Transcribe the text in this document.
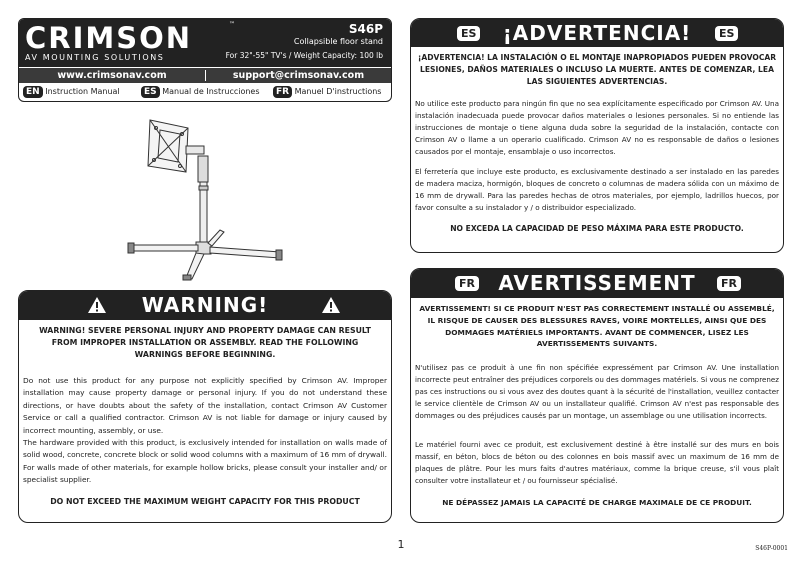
CRIMSON	™
AV MOUNTING SOLUTIONS
S46P
Collapsible floor stand
For 32"-55" TV's / Weight Capacity: 100 lb
www.crimsonav.com	support@crimsonav.com
EN Instruction Manual	ES Manual de Instrucciones	FR Manuel D'instructions
WARNING!

WARNING! SEVERE PERSONAL INJURY AND PROPERTY DAMAGE CAN RESULT FROM IMPROPER INSTALLATION OR ASSEMBLY. READ THE FOLLOWING WARNINGS BEFORE BEGINNING.

Do not use this product for any purpose not explicitly specified by Crimson AV. Improper installation may cause property damage or personal injury. If you do not understand these directions, or have doubts about the safety of the installation, contact Crimson AV Customer Service or call a qualified contractor. Crimson AV is not liable for damage or injury caused by incorrect mounting, assembly, or use.

The hardware provided with this product, is exclusively intended for installation on walls made of solid wood, concrete, concrete block or solid wood columns with a maximum of 16 mm of drywall. For walls made of other materials, for example hollow bricks, please consult your installer and/ or specialist supplier.

DO NOT EXCEED THE MAXIMUM WEIGHT CAPACITY FOR THIS PRODUCT

ES	¡ADVERTENCIA!	ES

¡ADVERTENCIA! LA INSTALACIÓN O EL MONTAJE INAPROPIADOS PUEDEN PROVOCAR LESIONES, DAÑOS MATERIALES O INCLUSO LA MUERTE. ANTES DE COMENZAR, LEA LAS SIGUIENTES ADVERTENCIAS.

No utilice este producto para ningún fin que no sea explícitamente especificado por Crimson AV. Una instalación inadecuada puede provocar daños materiales o lesiones personales. Si no entiende las instrucciones de montaje o tiene alguna duda sobre la seguridad de la instalación, contacte con Crimson AV o llame a un operario cualificado. Crimson AV no es responsable de daños o lesiones causados por el montaje, ensamblaje o uso incorrectos.

El ferretería que incluye este producto, es exclusivamente destinado a ser instalado en las paredes de madera maciza, hormigón, bloques de concreto o columnas de madera sólida con un máximo de 16 mm de drywall. Para las paredes hechas de otros materiales, por ejemplo, ladrillos huecos, por favor consulte a su instalador y / o distribuidor especializado.

NO EXCEDA LA CAPACIDAD DE PESO MÁXIMA PARA ESTE PRODUCTO.

FR	AVERTISSEMENT	FR

AVERTISSEMENT! SI CE PRODUIT N'EST PAS CORRECTEMENT INSTALLÉ OU ASSEMBLÉ, IL RISQUE DE CAUSER DES BLESSURES RAVES, VOIRE MORTELLES, AINSI QUE DES DOMMAGES MATÉRIELS IMPORTANTS. AVANT DE COMMENCER, LISEZ LES AVERTISSEMENTS SUIVANTS.

N'utilisez pas ce produit à une fin non spécifiée expressément par Crimson AV. Une installation incorrecte peut entraîner des préjudices corporels ou des dommages matériels. Si vous ne comprenez pas ces instructions ou si vous avez des doutes quant à la sécurité de l'installation, veuillez contacter le service clientèle de Crimson AV ou un installateur qualifié. Crimson AV n'est pas responsable des dommages ou des préjudices causés par un montage, un assemblage ou une utilisation incorrects.

Le matériel fourni avec ce produit, est exclusivement destiné à être installé sur des murs en bois massif, en béton, blocs de béton ou des colonnes en bois massif avec un maximum de 16 mm de plaques de plâtre. Pour les murs faits d'autres matériaux, comme la brique creuse, s'il vous plaît consulter votre installateur et / ou fournisseur spécialisé.

NE DÉPASSEZ JAMAIS LA CAPACITÉ DE CHARGE MAXIMALE DE CE PRODUIT.

1	S46P-0001
